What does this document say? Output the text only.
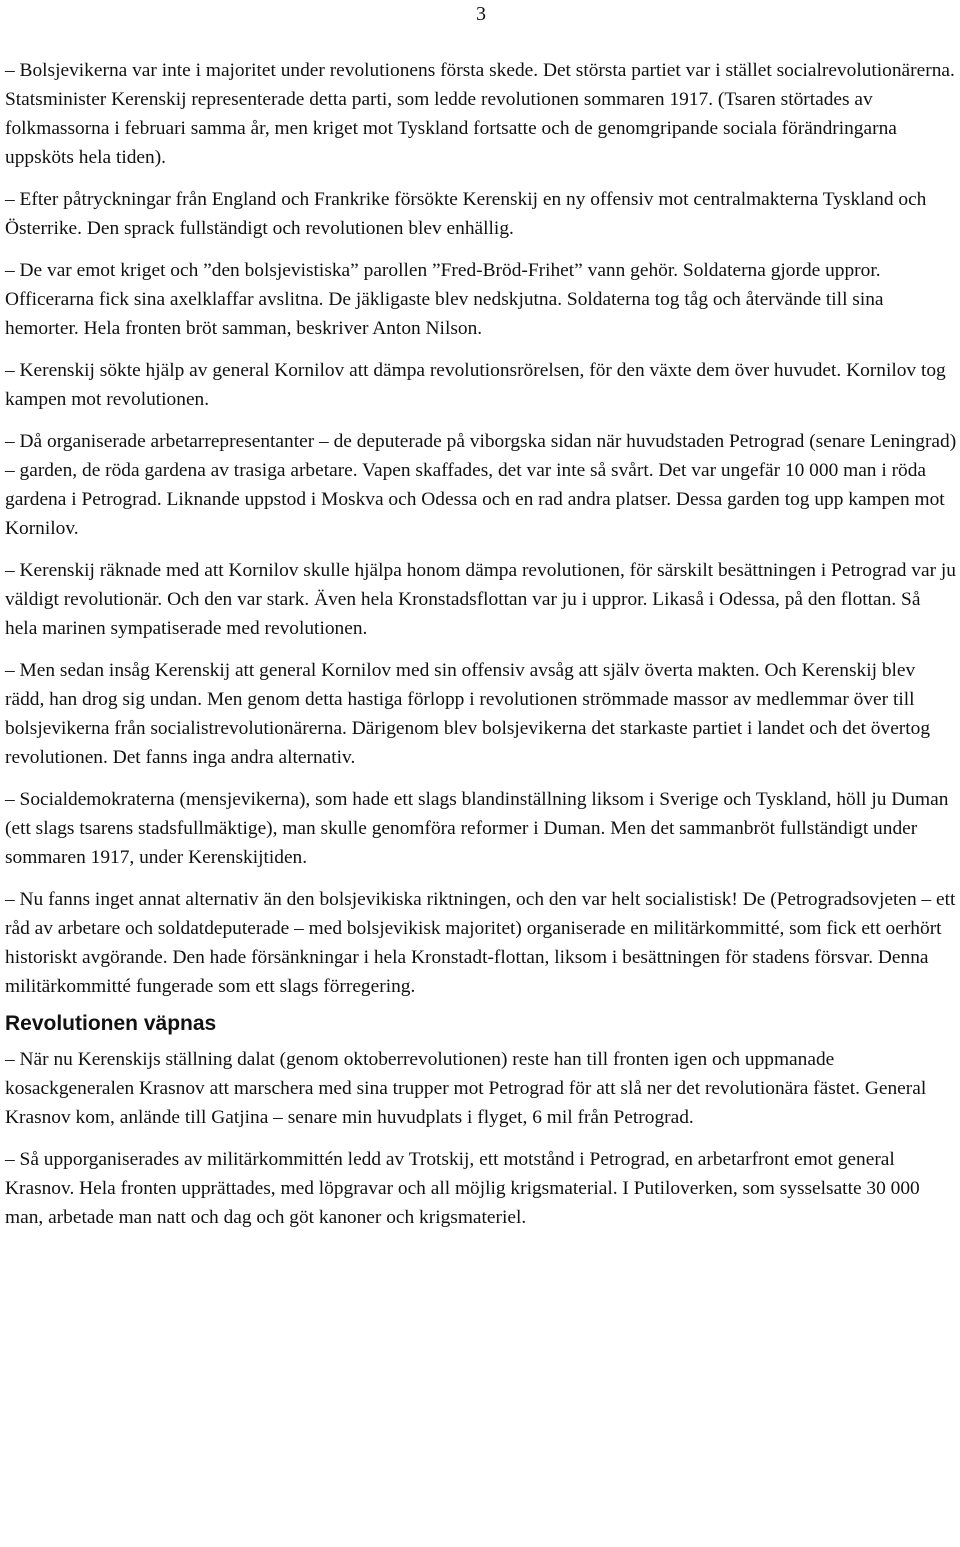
3

– Bolsjevikerna var inte i majoritet under revolutionens första skede. Det största partiet var i stället socialrevolutionärerna. Statsminister Kerenskij representerade detta parti, som ledde revolutionen sommaren 1917. (Tsaren störtades av folkmassorna i februari samma år, men kriget mot Tyskland fortsatte och de genomgripande sociala förändringarna uppsköts hela tiden).

– Efter påtryckningar från England och Frankrike försökte Kerenskij en ny offensiv mot centralmakterna Tyskland och Österrike. Den sprack fullständigt och revolutionen blev enhällig.

– De var emot kriget och ”den bolsjevistiska” parollen ”Fred-Bröd-Frihet” vann gehör. Soldaterna gjorde uppror. Officerarna fick sina axelklaffar avslitna. De jäkligaste blev nedskjutna. Soldaterna tog tåg och återvände till sina hemorter. Hela fronten bröt samman, beskriver Anton Nilson.

– Kerenskij sökte hjälp av general Kornilov att dämpa revolutionsrörelsen, för den växte dem över huvudet. Kornilov tog kampen mot revolutionen.

– Då organiserade arbetarrepresentanter – de deputerade på viborgska sidan när huvudstaden Petrograd (senare Leningrad) – garden, de röda gardena av trasiga arbetare. Vapen skaffades, det var inte så svårt. Det var ungefär 10 000 man i röda gardena i Petrograd. Liknande uppstod i Moskva och Odessa och en rad andra platser. Dessa garden tog upp kampen mot Kornilov.

– Kerenskij räknade med att Kornilov skulle hjälpa honom dämpa revolutionen, för särskilt besättningen i Petrograd var ju väldigt revolutionär. Och den var stark. Även hela Kronstadsflottan var ju i uppror. Likaså i Odessa, på den flottan. Så hela marinen sympatiserade med revolutionen.

– Men sedan insåg Kerenskij att general Kornilov med sin offensiv avsåg att själv överta makten. Och Kerenskij blev rädd, han drog sig undan. Men genom detta hastiga förlopp i revolutionen strömmade massor av medlemmar över till bolsjevikerna från socialistrevolutionärerna. Därigenom blev bolsjevikerna det starkaste partiet i landet och det övertog revolutionen. Det fanns inga andra alternativ.

– Socialdemokraterna (mensjevikerna), som hade ett slags blandinställning liksom i Sverige och Tyskland, höll ju Duman (ett slags tsarens stadsfullmäktige), man skulle genomföra reformer i Duman. Men det sammanbröt fullständigt under sommaren 1917, under Kerenskijtiden.

– Nu fanns inget annat alternativ än den bolsjevikiska riktningen, och den var helt socialistisk! De (Petrogradsovjeten – ett råd av arbetare och soldatdeputerade – med bolsjevikisk majoritet) organiserade en militärkommitté, som fick ett oerhört historiskt avgörande. Den hade försänkningar i hela Kronstadt-flottan, liksom i besättningen för stadens försvar. Denna militärkommitté fungerade som ett slags förregering.

Revolutionen väpnas

– När nu Kerenskijs ställning dalat (genom oktoberrevolutionen) reste han till fronten igen och uppmanade kosackgeneralen Krasnov att marschera med sina trupper mot Petrograd för att slå ner det revolutionära fästet. General Krasnov kom, anlände till Gatjina – senare min huvudplats i flyget, 6 mil från Petrograd.

– Så upporganiserades av militärkommittén ledd av Trotskij, ett motstånd i Petrograd, en arbetarfront emot general Krasnov. Hela fronten upprättades, med löpgravar och all möjlig krigsmaterial. I Putiloverken, som sysselsatte 30 000 man, arbetade man natt och dag och göt kanoner och krigsmateriel.
